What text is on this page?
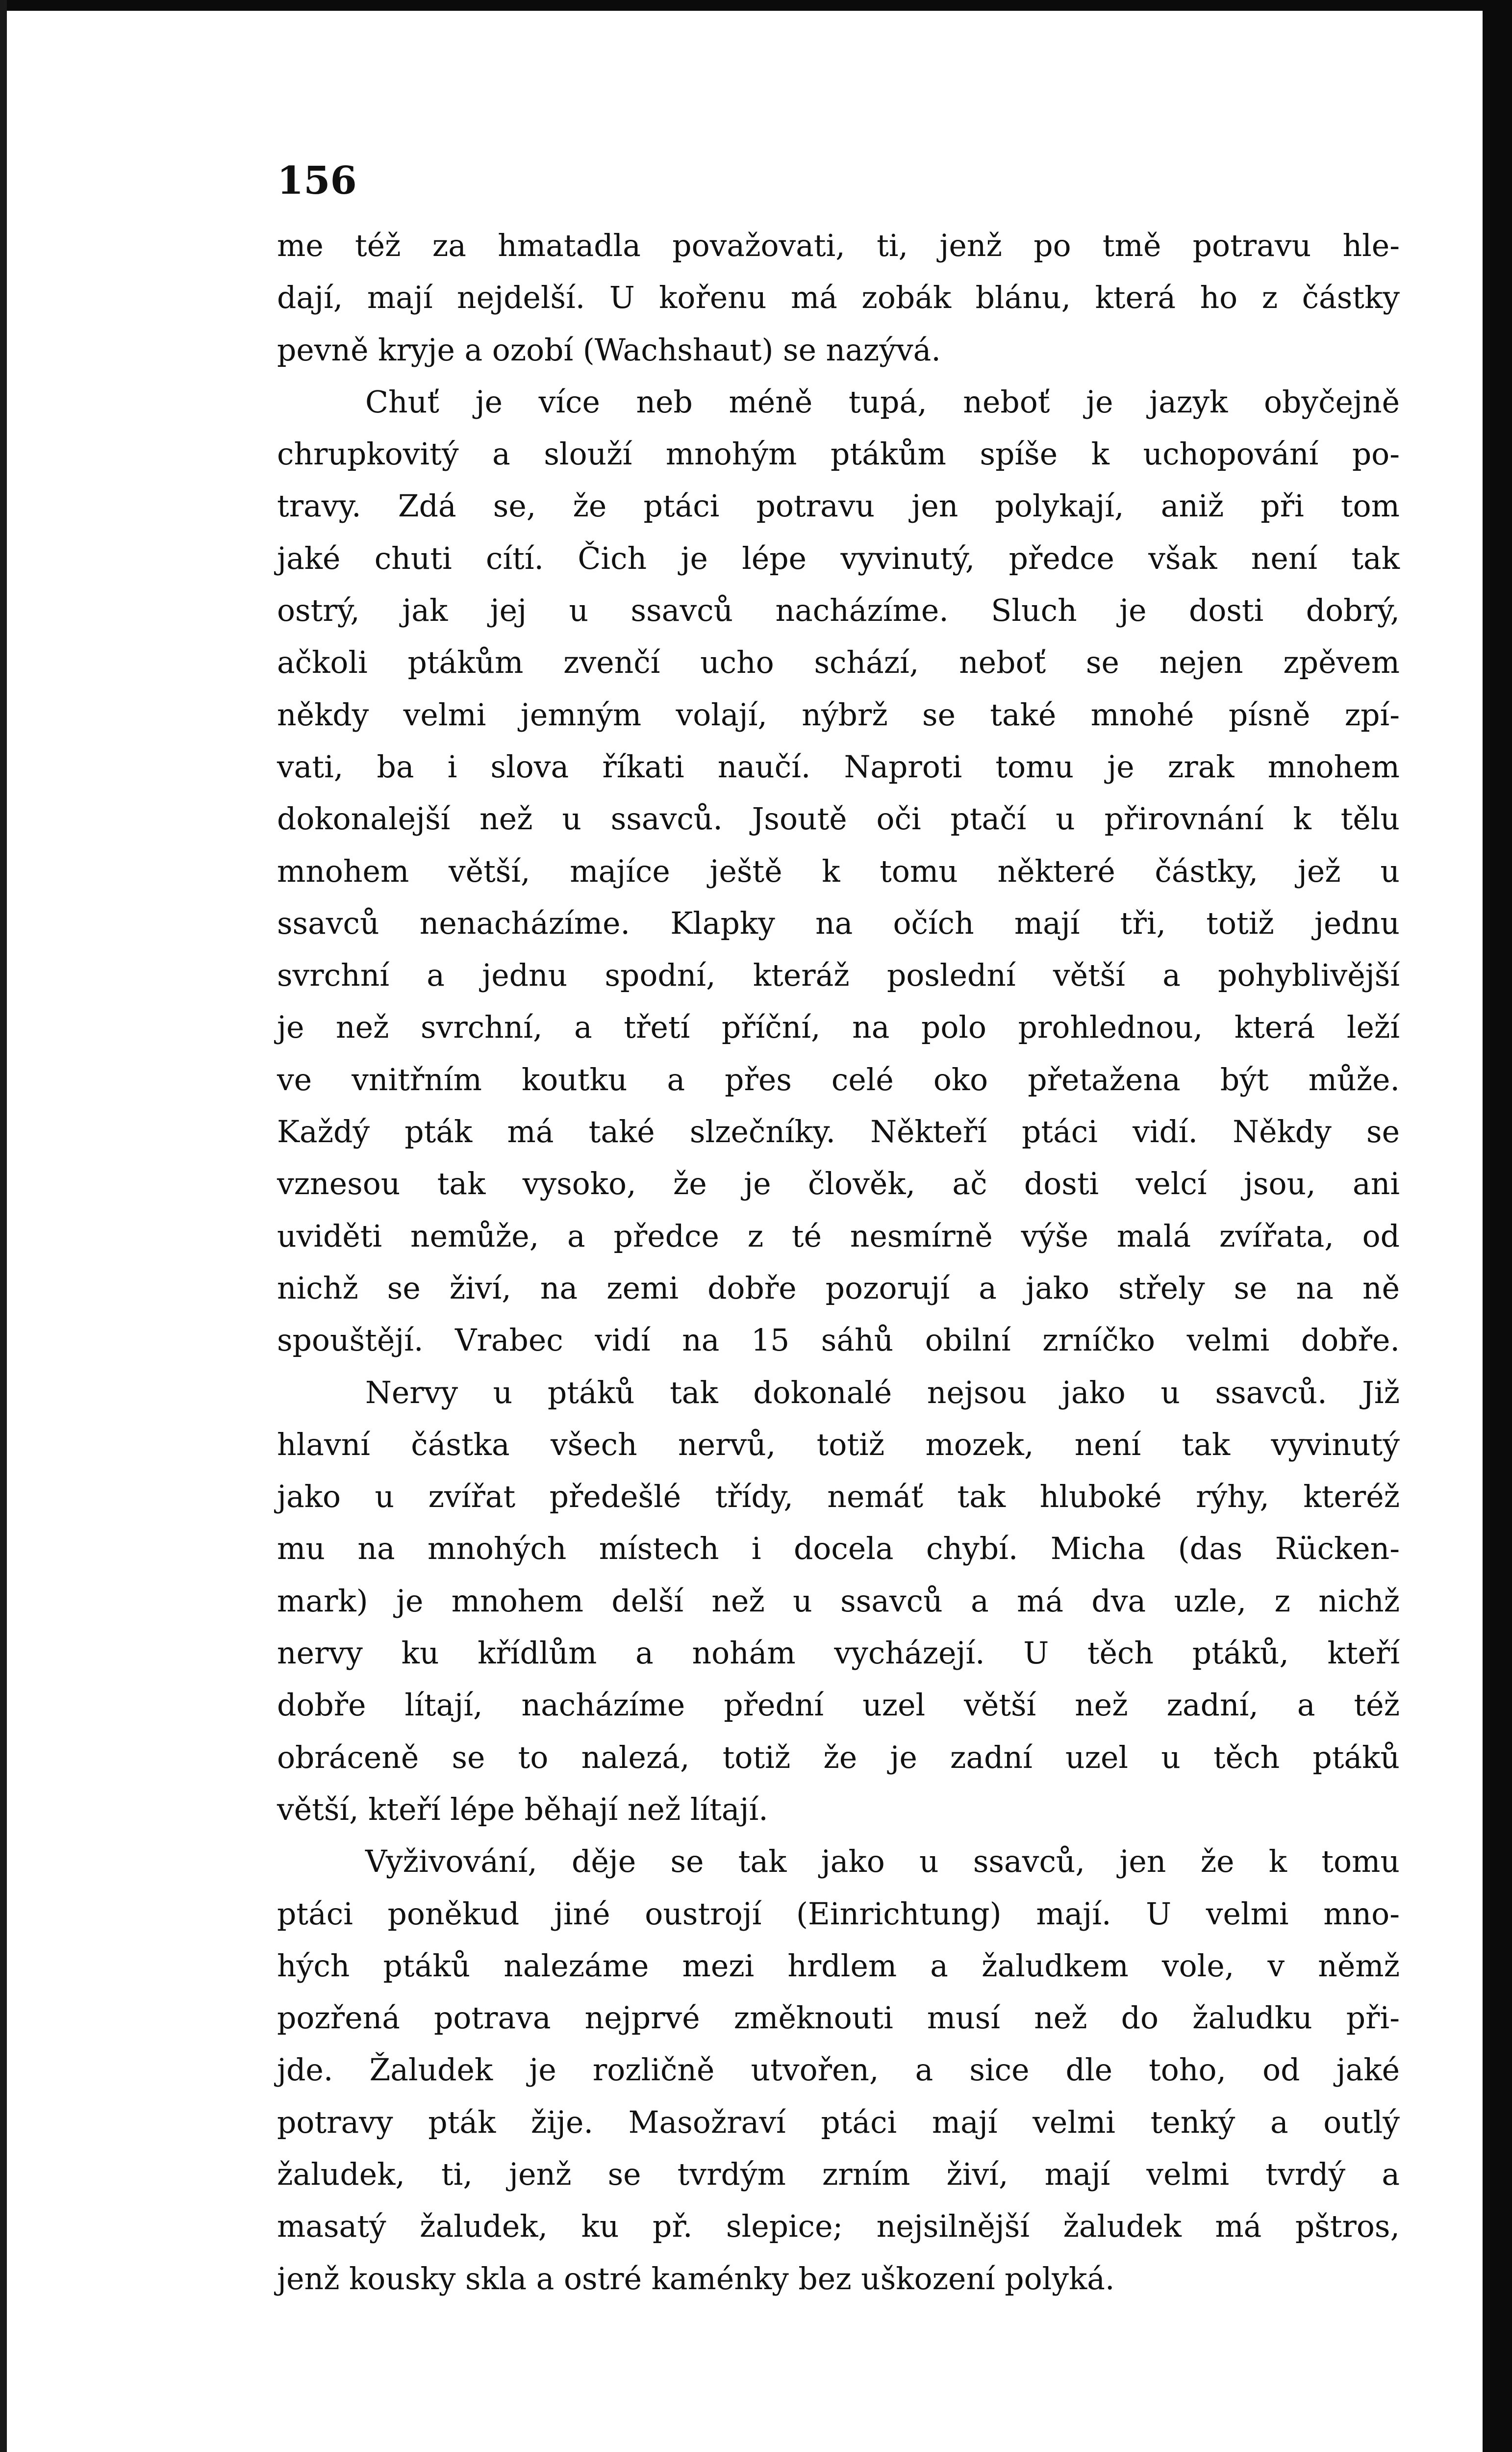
156
me též za hmatadla považovati, ti, jenž po tmě potravu hle-
dají, mají nejdelší. U kořenu má zobák blánu, která ho z částky
pevně kryje a ozobí (Wachshaut) se nazývá.
Chuť je více neb méně tupá, neboť je jazyk obyčejně
chrupkovitý a slouží mnohým ptákům spíše k uchopování po-
travy. Zdá se, že ptáci potravu jen polykají, aniž při tom
jaké chuti cítí. Čich je lépe vyvinutý, předce však není tak
ostrý, jak jej u ssavců nacházíme. Sluch je dosti dobrý,
ačkoli ptákům zvenčí ucho schází, neboť se nejen zpěvem
někdy velmi jemným volají, nýbrž se také mnohé písně zpí-
vati, ba i slova říkati naučí. Naproti tomu je zrak mnohem
dokonalejší než u ssavců. Jsoutě oči ptačí u přirovnání k tělu
mnohem větší, majíce ještě k tomu některé částky, jež u
ssavců nenacházíme. Klapky na očích mají tři, totiž jednu
svrchní a jednu spodní, kteráž poslední větší a pohyblivější
je než svrchní, a třetí příční, na polo prohlednou, která leží
ve vnitřním koutku a přes celé oko přetažena být může.
Každý pták má také slzečníky. Někteří ptáci vidí. Někdy se
vznesou tak vysoko, že je člověk, ač dosti velcí jsou, ani
uviděti nemůže, a předce z té nesmírně výše malá zvířata, od
nichž se živí, na zemi dobře pozorují a jako střely se na ně
spouštějí. Vrabec vidí na 15 sáhů obilní zrníčko velmi dobře.
Nervy u ptáků tak dokonalé nejsou jako u ssavců. Již
hlavní částka všech nervů, totiž mozek, není tak vyvinutý
jako u zvířat předešlé třídy, nemáť tak hluboké rýhy, kteréž
mu na mnohých místech i docela chybí. Micha (das Rücken-
mark) je mnohem delší než u ssavců a má dva uzle, z nichž
nervy ku křídlům a nohám vycházejí. U těch ptáků, kteří
dobře lítají, nacházíme přední uzel větší než zadní, a též
obráceně se to nalezá, totiž že je zadní uzel u těch ptáků
větší, kteří lépe běhají než lítají.
Vyživování, děje se tak jako u ssavců, jen že k tomu
ptáci poněkud jiné oustrojí (Einrichtung) mají. U velmi mno-
hých ptáků nalezáme mezi hrdlem a žaludkem vole, v němž
pozřená potrava nejprvé změknouti musí než do žaludku při-
jde. Žaludek je rozličně utvořen, a sice dle toho, od jaké
potravy pták žije. Masožraví ptáci mají velmi tenký a outlý
žaludek, ti, jenž se tvrdým zrním živí, mají velmi tvrdý a
masatý žaludek, ku př. slepice; nejsilnější žaludek má pštros,
jenž kousky skla a ostré kaménky bez uškození polyká.
